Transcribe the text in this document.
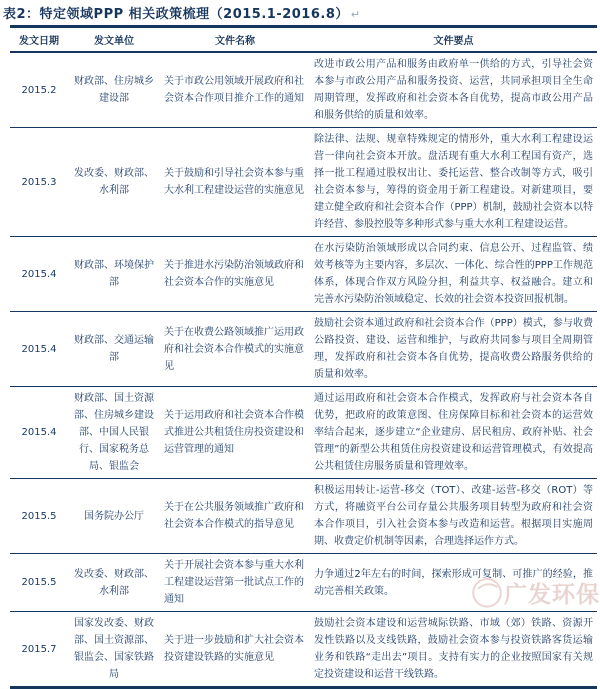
表2：特定领域PPP 相关政策梳理（2015.1-2016.8） ↵
发文日期	发文单位	文件名称	文件要点
2015.2	财政部、住房城乡建设部	关于市政公用领域开展政府和社会资本合作项目推介工作的通知	改进市政公用产品和服务由政府单一供给的方式，引导社会资本参与市政公用产品和服务投资、运营，共同承担项目全生命周期管理，发挥政府和社会资本各自优势，提高市政公用产品和服务供给的质量和效率。
2015.3	发改委、财政部、水利部	关于鼓励和引导社会资本参与重大水利工程建设运营的实施意见	除法律、法规、规章特殊规定的情形外，重大水利工程建设运营一律向社会资本开放。盘活现有重大水利工程国有资产，选择一批工程通过股权出让、委托运营、整合改制等方式，吸引社会资本参与，筹得的资金用于新工程建设。对新建项目，要建立健全政府和社会资本合作（PPP）机制，鼓励社会资本以特许经营、参股控股等多种形式参与重大水利工程建设运营。
2015.4	财政部、环境保护部	关于推进水污染防治领域政府和社会资本合作的实施意见	在水污染防治领域形成以合同约束、信息公开、过程监管、绩效考核等为主要内容，多层次、一体化、综合性的PPP工作规范体系，体现合作双方风险分担，利益共享、权益融合。建立和完善水污染防治领域稳定、长效的社会资本投资回报机制。
2015.4	财政部、交通运输部	关于在收费公路领域推广运用政府和社会资本合作模式的实施意见	鼓励社会资本通过政府和社会资本合作（PPP）模式，参与收费公路投资、建设、运营和维护，与政府共同参与项目全周期管理，发挥政府和社会资本各自优势，提高收费公路服务供给的质量和效率。
2015.4	财政部、国土资源部、住房城乡建设部、中国人民银行、国家税务总局、银监会	关于运用政府和社会资本合作模式推进公共租赁住房投资建设和运营管理的通知	通过运用政府和社会资本合作模式，发挥政府与社会资本各自优势，把政府的政策意图、住房保障目标和社会资本的运营效率结合起来，逐步建立“企业建房、居民租房、政府补贴、社会管理”的新型公共租赁住房投资建设和运营管理模式，有效提高公共租赁住房服务质量和管理效率。
2015.5	国务院办公厅	关于在公共服务领域推广政府和社会资本合作模式的指导意见	积极运用转让-运营-移交（TOT）、改建-运营-移交（ROT）等方式，将融资平台公司存量公共服务项目转型为政府和社会资本合作项目，引入社会资本参与改造和运营。根据项目实施周期、收费定价机制等因素，合理选择运作方式。
2015.5	发改委、财政部、水利部	关于开展社会资本参与重大水利工程建设运营第一批试点工作的通知	力争通过2年左右的时间，探索形成可复制、可推广的经验，推动完善相关政策。
2015.7	国家发改委、财政部、国土资源部、银监会、国家铁路局	关于进一步鼓励和扩大社会资本投资建设铁路的实施意见	鼓励社会资本建设和运营城际铁路、市域（郊）铁路、资源开发性铁路以及支线铁路，鼓励社会资本参与投资铁路客货运输业务和铁路“走出去”项目。支持有实力的企业按照国家有关规定投资建设和运营干线铁路。
广发环保
